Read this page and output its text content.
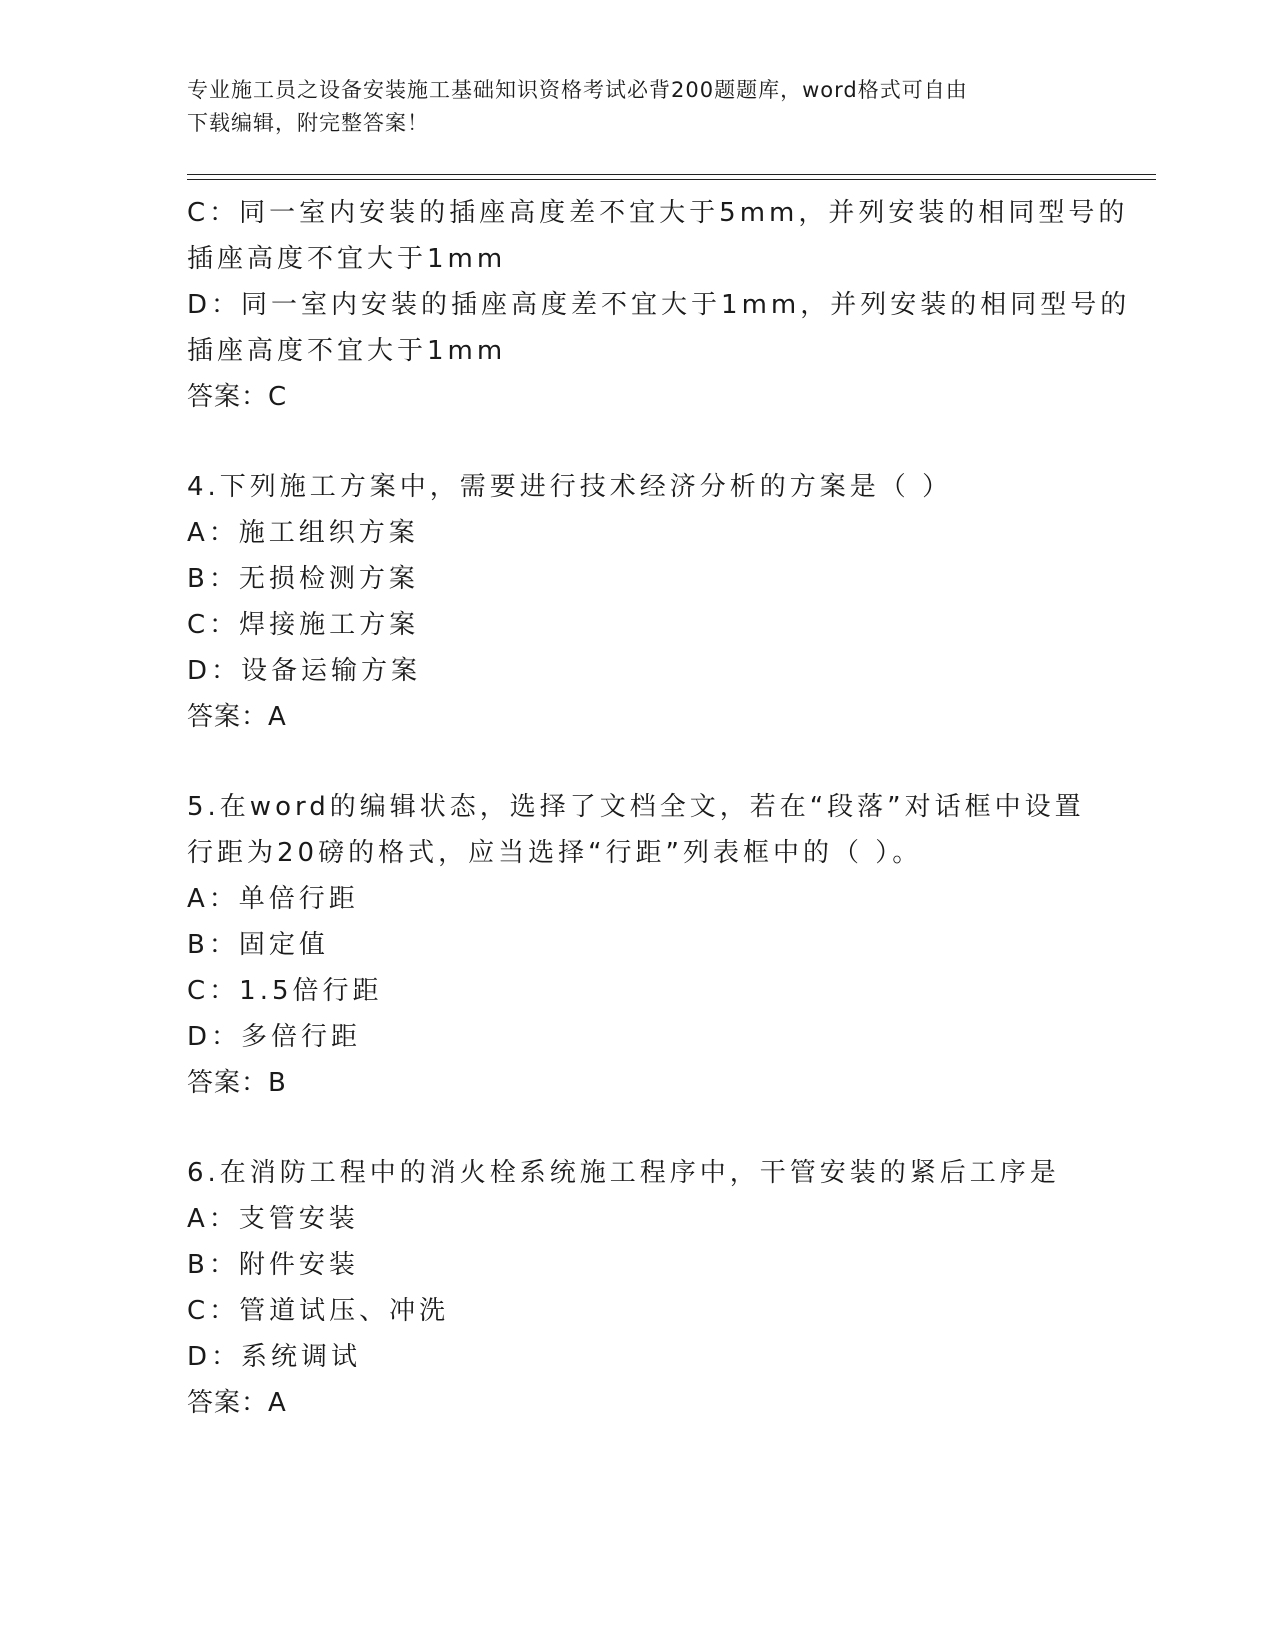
专业施工员之设备安装施工基础知识资格考试必背200题题库，word格式可自由
下载编辑，附完整答案！
C：同一室内安装的插座高度差不宜大于5mm，并列安装的相同型号的
插座高度不宜大于1mm
D：同一室内安装的插座高度差不宜大于1mm，并列安装的相同型号的
插座高度不宜大于1mm
答案：C
4.下列施工方案中，需要进行技术经济分析的方案是（ ）
A：施工组织方案
B：无损检测方案
C：焊接施工方案
D：设备运输方案
答案：A
5.在word的编辑状态，选择了文档全文，若在“段落”对话框中设置
行距为20磅的格式，应当选择“行距”列表框中的（ ）。
A：单倍行距
B：固定值
C：1.5倍行距
D：多倍行距
答案：B
6.在消防工程中的消火栓系统施工程序中，干管安装的紧后工序是
A：支管安装
B：附件安装
C：管道试压、冲洗
D：系统调试
答案：A
